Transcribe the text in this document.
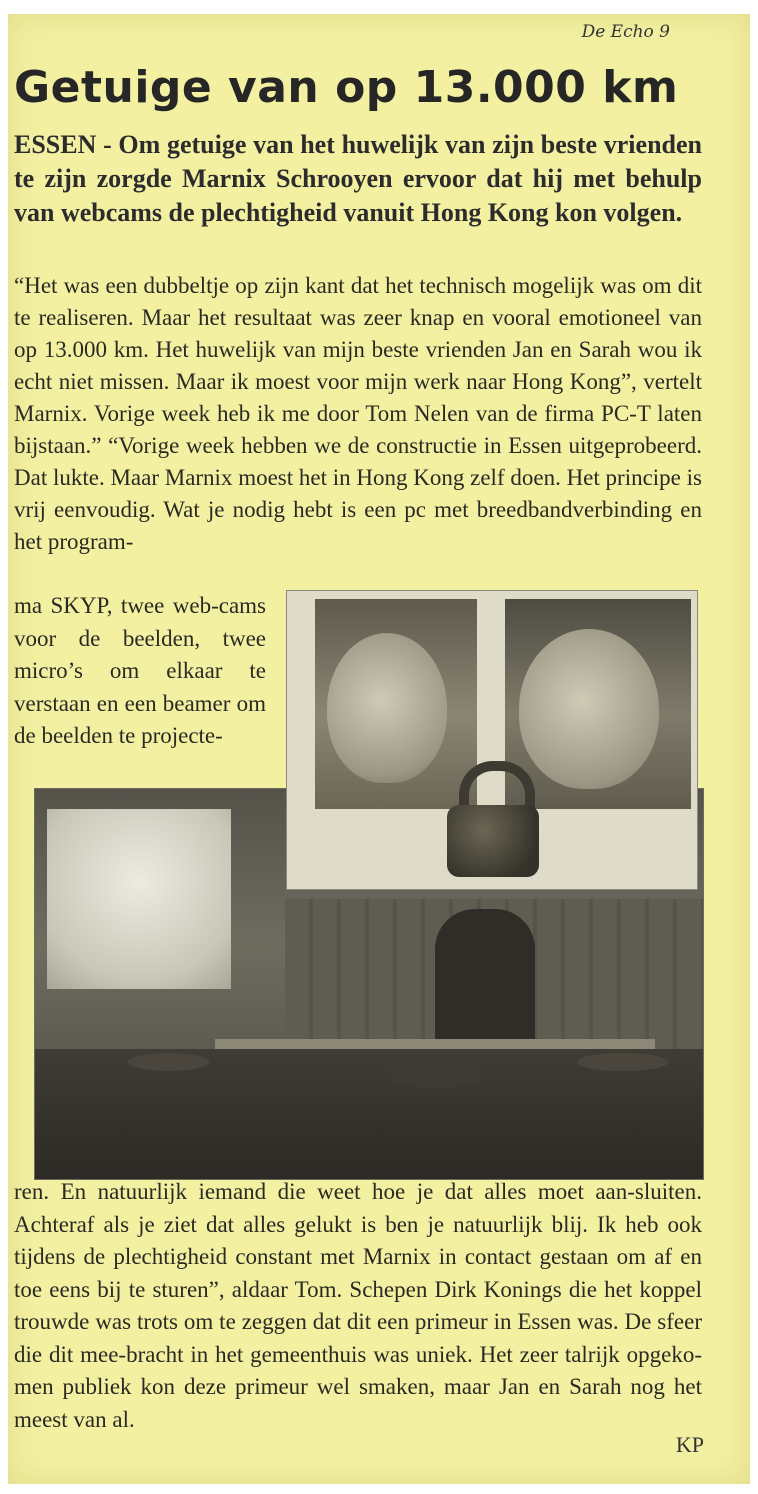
De Echo 9
Getuige van op 13.000 km

ESSEN - Om getuige van het huwelijk van zijn beste vrienden te zijn zorgde Marnix Schrooyen ervoor dat hij met behulp van webcams de plechtigheid vanuit Hong Kong kon volgen.

“Het was een dubbeltje op zijn kant dat het technisch mogelijk was om dit te realiseren. Maar het resultaat was zeer knap en vooral emotioneel van op 13.000 km. Het huwelijk van mijn beste vrienden Jan en Sarah wou ik echt niet missen. Maar ik moest voor mijn werk naar Hong Kong”, vertelt Marnix. Vorige week heb ik me door Tom Nelen van de firma PC-T laten bijstaan.” “Vorige week hebben we de constructie in Essen uitgeprobeerd. Dat lukte. Maar Marnix moest het in Hong Kong zelf doen. Het principe is vrij eenvoudig. Wat je nodig hebt is een pc met breedbandverbinding en het program-

ma SKYP, twee web-cams voor de beelden, twee micro’s om elkaar te verstaan en een beamer om de beelden te projecte-

ren. En natuurlijk iemand die weet hoe je dat alles moet aan-sluiten. Achteraf als je ziet dat alles gelukt is ben je natuurlijk blij. Ik heb ook tijdens de plechtigheid constant met Marnix in contact gestaan om af en toe eens bij te sturen”, aldaar Tom. Schepen Dirk Konings die het koppel trouwde was trots om te zeggen dat dit een primeur in Essen was. De sfeer die dit mee-bracht in het gemeenthuis was uniek. Het zeer talrijk opgeko-men publiek kon deze primeur wel smaken, maar Jan en Sarah nog het meest van al.

KP
